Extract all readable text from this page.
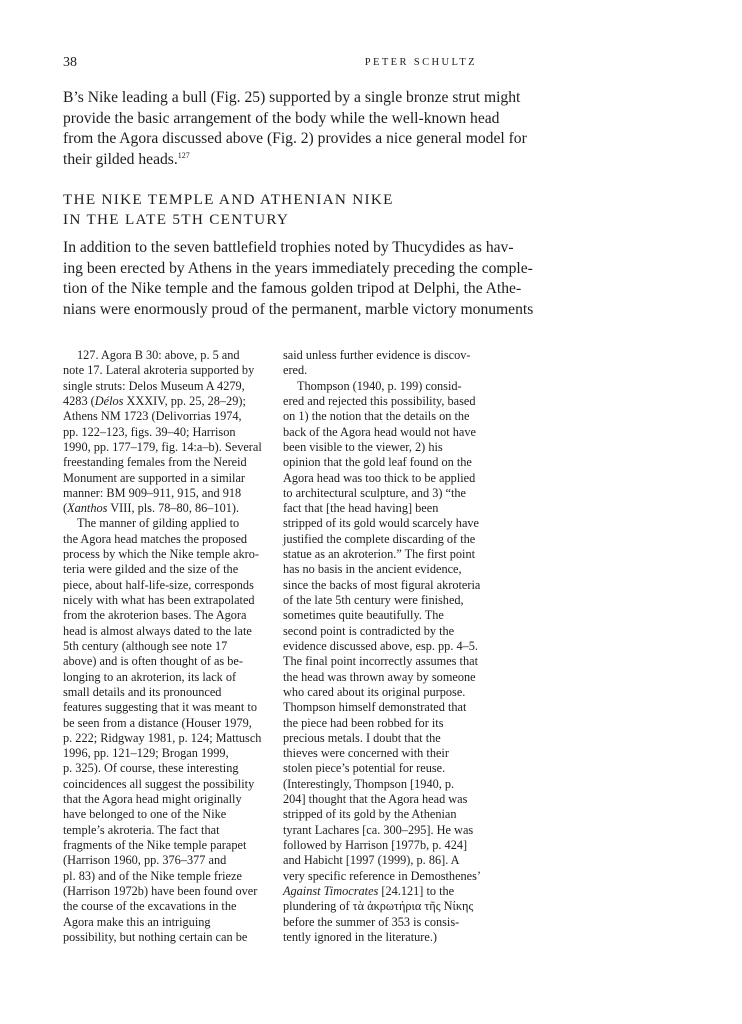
38	PETER SCHULTZ
B’s Nike leading a bull (Fig. 25) supported by a single bronze strut might
provide the basic arrangement of the body while the well-known head
from the Agora discussed above (Fig. 2) provides a nice general model for
their gilded heads.$^{127}$
THE NIKE TEMPLE AND ATHENIAN NIKE
IN THE LATE 5TH CENTURY
In addition to the seven battlefield trophies noted by Thucydides as hav-
ing been erected by Athens in the years immediately preceding the comple-
tion of the Nike temple and the famous golden tripod at Delphi, the Athe-
nians were enormously proud of the permanent, marble victory monuments
127. Agora B 30: above, p. 5 and
note 17. Lateral akroteria supported by
single struts: Delos Museum A 4279,
4283 (Délos XXXIV, pp. 25, 28–29);
Athens NM 1723 (Delivorrias 1974,
pp. 122–123, figs. 39–40; Harrison
1990, pp. 177–179, fig. 14:a–b). Several
freestanding females from the Nereid
Monument are supported in a similar
manner: BM 909–911, 915, and 918
(Xanthos VIII, pls. 78–80, 86–101).
The manner of gilding applied to
the Agora head matches the proposed
process by which the Nike temple akro-
teria were gilded and the size of the
piece, about half-life-size, corresponds
nicely with what has been extrapolated
from the akroterion bases. The Agora
head is almost always dated to the late
5th century (although see note 17
above) and is often thought of as be-
longing to an akroterion, its lack of
small details and its pronounced
features suggesting that it was meant to
be seen from a distance (Houser 1979,
p. 222; Ridgway 1981, p. 124; Mattusch
1996, pp. 121–129; Brogan 1999,
p. 325). Of course, these interesting
coincidences all suggest the possibility
that the Agora head might originally
have belonged to one of the Nike
temple’s akroteria. The fact that
fragments of the Nike temple parapet
(Harrison 1960, pp. 376–377 and
pl. 83) and of the Nike temple frieze
(Harrison 1972b) have been found over
the course of the excavations in the
Agora make this an intriguing
possibility, but nothing certain can be
said unless further evidence is discov-
ered.
Thompson (1940, p. 199) consid-
ered and rejected this possibility, based
on 1) the notion that the details on the
back of the Agora head would not have
been visible to the viewer, 2) his
opinion that the gold leaf found on the
Agora head was too thick to be applied
to architectural sculpture, and 3) “the
fact that [the head having] been
stripped of its gold would scarcely have
justified the complete discarding of the
statue as an akroterion.” The first point
has no basis in the ancient evidence,
since the backs of most figural akroteria
of the late 5th century were finished,
sometimes quite beautifully. The
second point is contradicted by the
evidence discussed above, esp. pp. 4–5.
The final point incorrectly assumes that
the head was thrown away by someone
who cared about its original purpose.
Thompson himself demonstrated that
the piece had been robbed for its
precious metals. I doubt that the
thieves were concerned with their
stolen piece’s potential for reuse.
(Interestingly, Thompson [1940, p.
204] thought that the Agora head was
stripped of its gold by the Athenian
tyrant Lachares [ca. 300–295]. He was
followed by Harrison [1977b, p. 424]
and Habicht [1997 (1999), p. 86]. A
very specific reference in Demosthenes’
Against Timocrates [24.121] to the
plundering of τὰ ἀκρωτήρια τῆς Νίκης
before the summer of 353 is consis-
tently ignored in the literature.)
